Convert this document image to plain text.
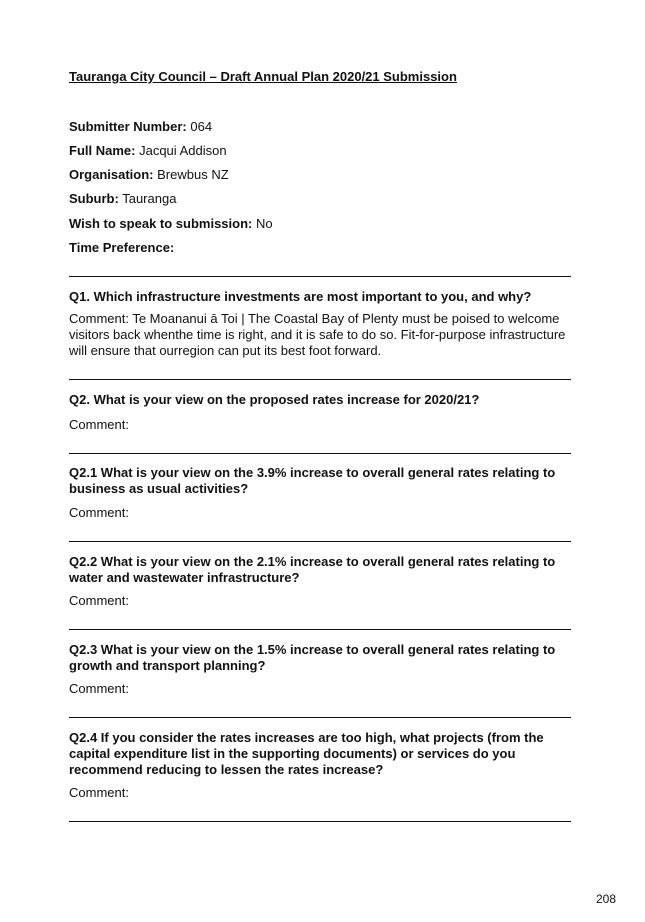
Tauranga City Council – Draft Annual Plan 2020/21 Submission
Submitter Number: 064
Full Name: Jacqui Addison
Organisation: Brewbus NZ
Suburb: Tauranga
Wish to speak to submission: No
Time Preference:
Q1. Which infrastructure investments are most important to you, and why?
Comment: Te Moananui ā Toi | The Coastal Bay of Plenty must be poised to welcome visitors back whenthe time is right, and it is safe to do so. Fit-for-purpose infrastructure will ensure that ourregion can put its best foot forward.
Q2. What is your view on the proposed rates increase for 2020/21?
Comment:
Q2.1 What is your view on the 3.9% increase to overall general rates relating to business as usual activities?
Comment:
Q2.2 What is your view on the 2.1% increase to overall general rates relating to water and wastewater infrastructure?
Comment:
Q2.3 What is your view on the 1.5% increase to overall general rates relating to growth and transport planning?
Comment:
Q2.4 If you consider the rates increases are too high, what projects (from the capital expenditure list in the supporting documents) or services do you recommend reducing to lessen the rates increase?
Comment:
208
